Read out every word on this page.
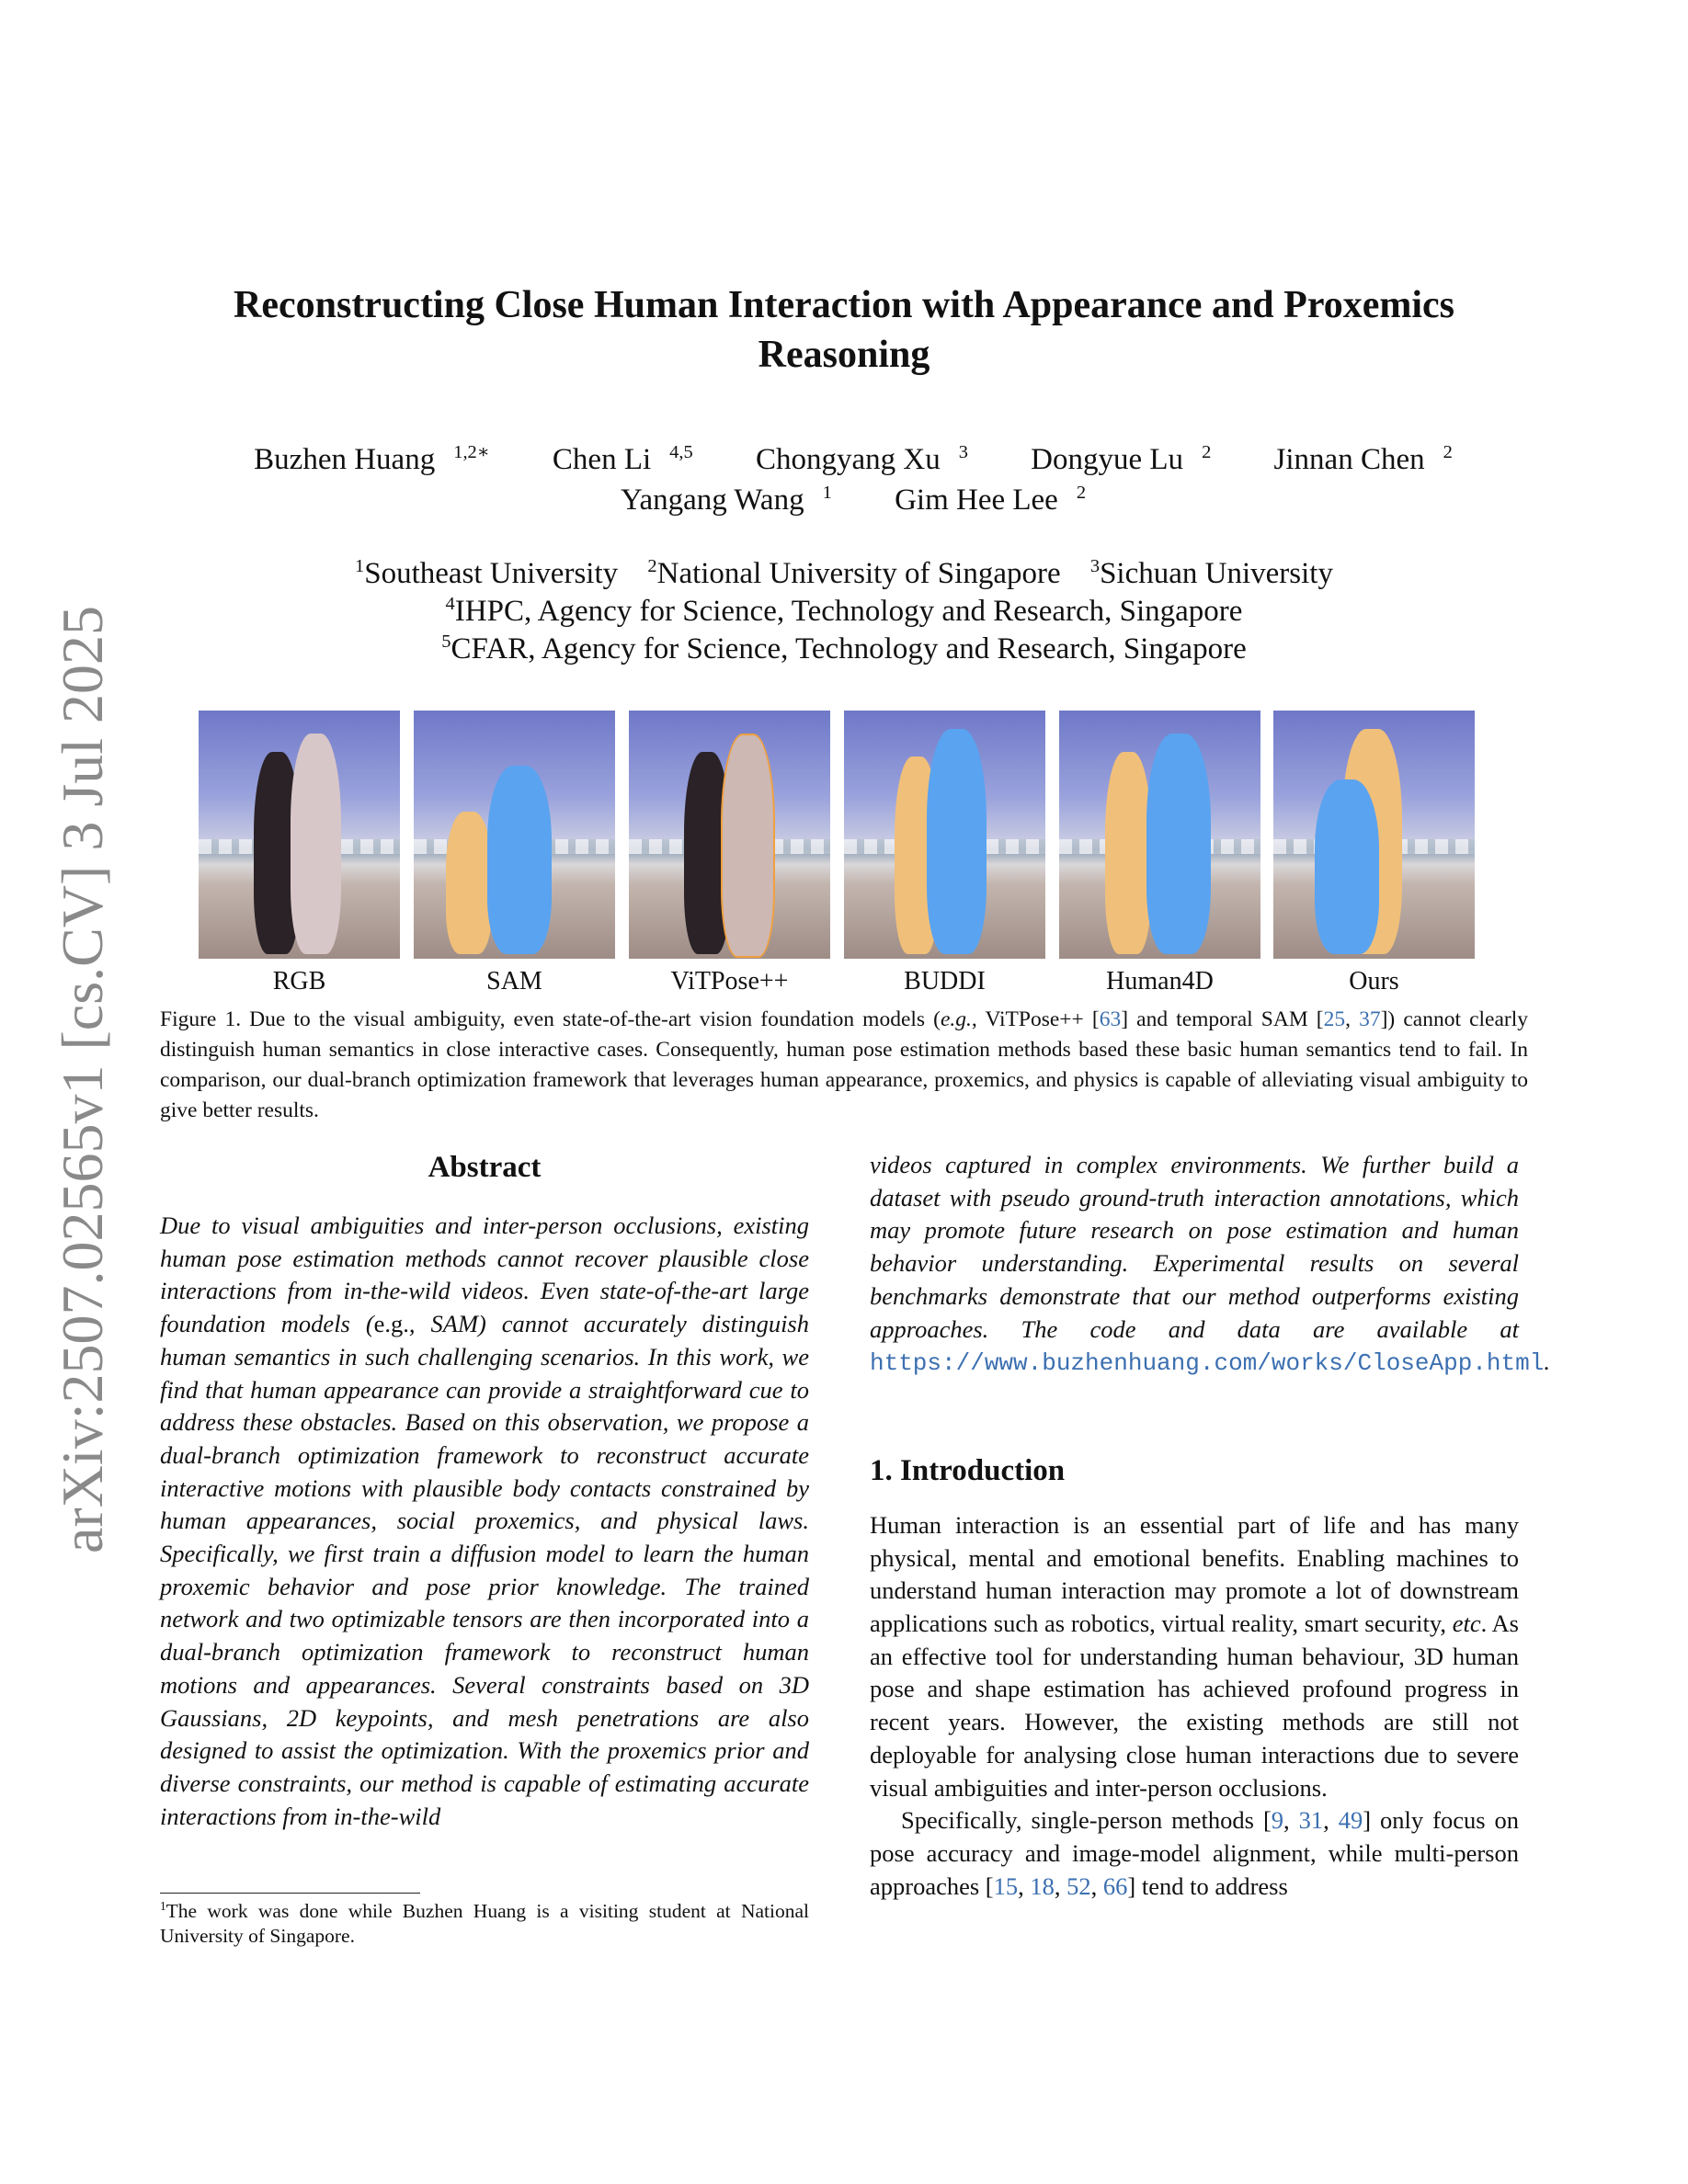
arXiv:2507.02565v1 [cs.CV] 3 Jul 2025
Reconstructing Close Human Interaction with Appearance and Proxemics Reasoning
Buzhen Huang $^{1,2∗}$ Chen Li $^{4,5}$ Chongyang Xu $^3$ Dongyue Lu $^2$ Jinnan Chen $^2$
Yangang Wang $^1$ Gim Hee Lee $^2$
$^1$Southeast University $^2$National University of Singapore $^3$Sichuan University
$^4$IHPC, Agency for Science, Technology and Research, Singapore
$^5$CFAR, Agency for Science, Technology and Research, Singapore
RGB	SAM	ViTPose++	BUDDI	Human4D	Ours
Figure 1. Due to the visual ambiguity, even state-of-the-art vision foundation models (e.g., ViTPose++ [63] and temporal SAM [25, 37]) cannot clearly distinguish human semantics in close interactive cases. Consequently, human pose estimation methods based these basic human semantics tend to fail. In comparison, our dual-branch optimization framework that leverages human appearance, proxemics, and physics is capable of alleviating visual ambiguity to give better results.
Abstract

Due to visual ambiguities and inter-person occlusions, existing human pose estimation methods cannot recover plausible close interactions from in-the-wild videos. Even state-of-the-art large foundation models (e.g., SAM) cannot accurately distinguish human semantics in such challenging scenarios. In this work, we find that human appearance can provide a straightforward cue to address these obstacles. Based on this observation, we propose a dual-branch optimization framework to reconstruct accurate interactive motions with plausible body contacts constrained by human appearances, social proxemics, and physical laws. Specifically, we first train a diffusion model to learn the human proxemic behavior and pose prior knowledge. The trained network and two optimizable tensors are then incorporated into a dual-branch optimization framework to reconstruct human motions and appearances. Several constraints based on 3D Gaussians, 2D keypoints, and mesh penetrations are also designed to assist the optimization. With the proxemics prior and diverse constraints, our method is capable of estimating accurate interactions from in-the-wild

$^1$The work was done while Buzhen Huang is a visiting student at National University of Singapore.

videos captured in complex environments. We further build a dataset with pseudo ground-truth interaction annotations, which may promote future research on pose estimation and human behavior understanding. Experimental results on several benchmarks demonstrate that our method outperforms existing approaches. The code and data are available at https://www.buzhenhuang.com/works/CloseApp.html.

1. Introduction

Human interaction is an essential part of life and has many physical, mental and emotional benefits. Enabling machines to understand human interaction may promote a lot of downstream applications such as robotics, virtual reality, smart security, etc. As an effective tool for understanding human behaviour, 3D human pose and shape estimation has achieved profound progress in recent years. However, the existing methods are still not deployable for analysing close human interactions due to severe visual ambiguities and inter-person occlusions.

Specifically, single-person methods [9, 31, 49] only focus on pose accuracy and image-model alignment, while multi-person approaches [15, 18, 52, 66] tend to address
